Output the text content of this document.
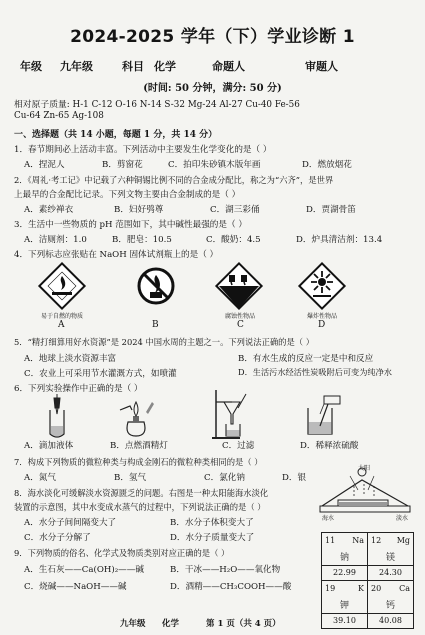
2024-2025 学年（下）学业诊断 1
年级 九年级	科目 化学	命题人	审题人
(时间: 50 分钟，满分: 50 分)
相对原子质量: H-1 C-12 O-16 N-14 S-32 Mg-24 Al-27 Cu-40 Fe-56
Cu-64 Zn-65 Ag-108
一、选择题（共 14 小题，每题 1 分，共 14 分）
1．春节期间必上活动丰富。下列活动中主要发生化学变化的是（ ）
A．捏泥人	B．剪窗花	C．拍印朱砂镇木版年画	D．燃放烟花
2．《周礼·考工记》中记载了六种铜锡比例不同的合金成分配比，称之为“六齐”，是世界
上最早的合金配比记录。下列文物主要由合金制成的是（ ）
A．素纱禅衣	B．妇好鸮尊	C．湖三彩俑	D．贾湖骨笛
3．生活中一些物质的 pH 范围如下，其中碱性最强的是（ ）
A．洁厕剂：1.0	B．肥皂：10.5	C．酸奶：4.5	D．炉具清洁剂：13.4
4．下列标志应张贴在 NaOH 固体试剂瓶上的是（ ）
易于自燃的物质
A	B
腐蚀性物品
C
爆炸性物品
D
5．“精打细算用好水资源”是 2024 中国水周的主题之一。下列说法正确的是（ ）
A．地球上淡水资源丰富	B．有水生成的反应一定是中和反应
C．农业上可采用节水灌溉方式，如喷灌	D．生活污水经活性炭吸附后可变为纯净水
6．下列实验操作中正确的是（ ）
A．滴加液体	B．点燃酒精灯	C．过滤	D．稀释浓硫酸
7．构成下列物质的微粒种类与构成金刚石的微粒种类相同的是（ ）
A．氮气	B．氢气	C．氯化钠	D．银
8．海水淡化可缓解淡水资源匮乏的问题。右图是一种太阳能海水淡化
装置的示意图，其中水变成水蒸气的过程中，下列说法正确的是（ ）
A．水分子间间隔变大了	B．水分子体积变大了
C．水分子分解了	D．水分子质量变大了
太阳
海水	淡水
9．下列物质的俗名、化学式及物质类别对应正确的是（ ）
A．生石灰——Ca(OH)₂——碱	B．干冰——H₂O——氧化物
C．烧碱——NaOH——碱	D．酒精——CH₃COOH——酸
11 Na
钠
22.99	12 Mg
镁
24.30

19 K
钾
39.10	20 Ca
钙
40.08
九年级 化学	第 1 页（共 4 页）
